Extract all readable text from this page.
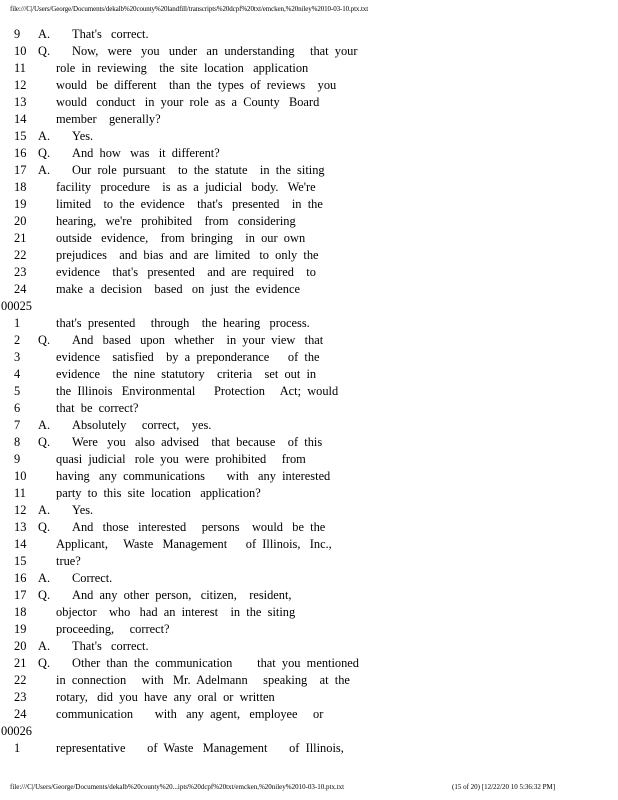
file:///C|/Users/George/Documents/dekalb%20county%20landfill/transcripts%20dcpf%20txt/emcken,%20niley%2010-03-10.ptx.txt
9	A.	That's   correct.
10 Q.	Now,   were   you   under   an  understanding     that  your
11	role  in  reviewing    the  site  location   application
12	would   be  different    than  the  types  of  reviews    you
13	would   conduct   in  your  role  as  a  County   Board
14	member    generally?
15 A.	Yes.
16 Q.	And  how   was   it  different?
17 A.	Our  role  pursuant    to  the  statute    in  the  siting
18	facility   procedure    is  as  a  judicial   body.   We're
19	limited    to  the  evidence    that's   presented    in  the
20	hearing,   we're   prohibited    from   considering
21	outside   evidence,    from  bringing    in  our  own
22	prejudices    and  bias  and  are  limited   to  only  the
23	evidence    that's   presented    and  are  required    to
24	make  a  decision    based   on  just  the  evidence
00025
1	that's  presented     through    the  hearing   process.
2	Q.	And   based   upon   whether    in  your  view   that
3	evidence    satisfied    by  a  preponderance      of  the
4	evidence    the  nine  statutory    criteria    set  out  in
5	the  Illinois   Environmental      Protection     Act;  would
6	that  be  correct?
7	A.	Absolutely     correct,    yes.
8	Q.	Were   you   also  advised    that  because    of  this
9	quasi  judicial   role  you  were  prohibited     from
10	having   any  communications       with   any  interested
11	party  to  this  site  location   application?
12 A.	Yes.
13 Q.	And   those   interested     persons    would   be  the
14	Applicant,     Waste   Management      of  Illinois,   Inc.,
15	true?
16 A.	Correct.
17 Q.	And  any  other  person,   citizen,    resident,
18	objector    who   had  an  interest    in  the  siting
19	proceeding,     correct?
20 A.	That's   correct.
21 Q.	Other  than  the  communication        that  you  mentioned
22	in  connection     with   Mr.  Adelmann     speaking    at  the
23	rotary,   did  you  have  any  oral  or  written
24	communication       with   any  agent,   employee     or
00026
1	representative       of  Waste   Management       of  Illinois,
file:///C|/Users/George/Documents/dekalb%20county%20...ipts%20dcpf%20txt/emcken,%20niley%2010-03-10.ptx.txt	(15 of 20) [12/22/20 10 5:36:32 PM]
